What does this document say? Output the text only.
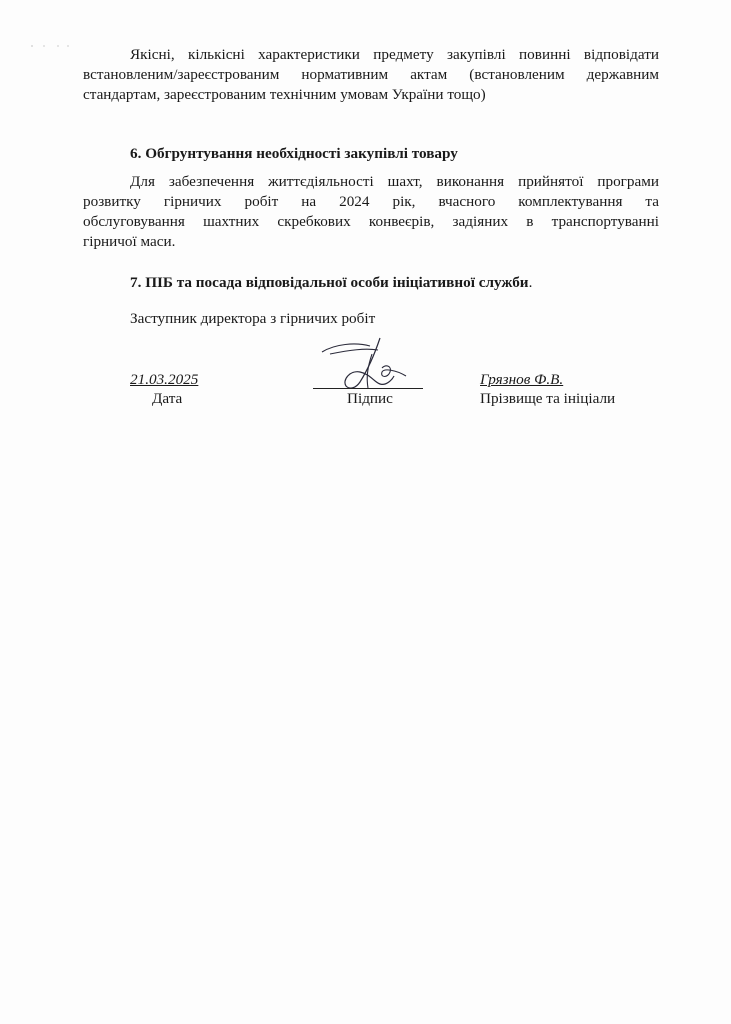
Якісні, кількісні характеристики предмету закупівлі повинні відповідати
встановленим/зареєстрованим нормативним актам (встановленим державним
стандартам, зареєстрованим технічним умовам України тощо)
6. Обгрунтування необхідності закупівлі товару
Для забезпечення життєдіяльності шахт, виконання прийнятої програми
розвитку гірничих робіт на 2024 рік, вчасного комплектування та
обслуговування шахтних скребкових конвеєрів, задіяних в транспортуванні
гірничої маси.
7. ПІБ та посада відповідальної особи ініціативної служби.
Заступник директора з гірничих робіт
21.03.2025	Грязнов Ф.В.
Дата	Підпис	Прізвище та ініціали
